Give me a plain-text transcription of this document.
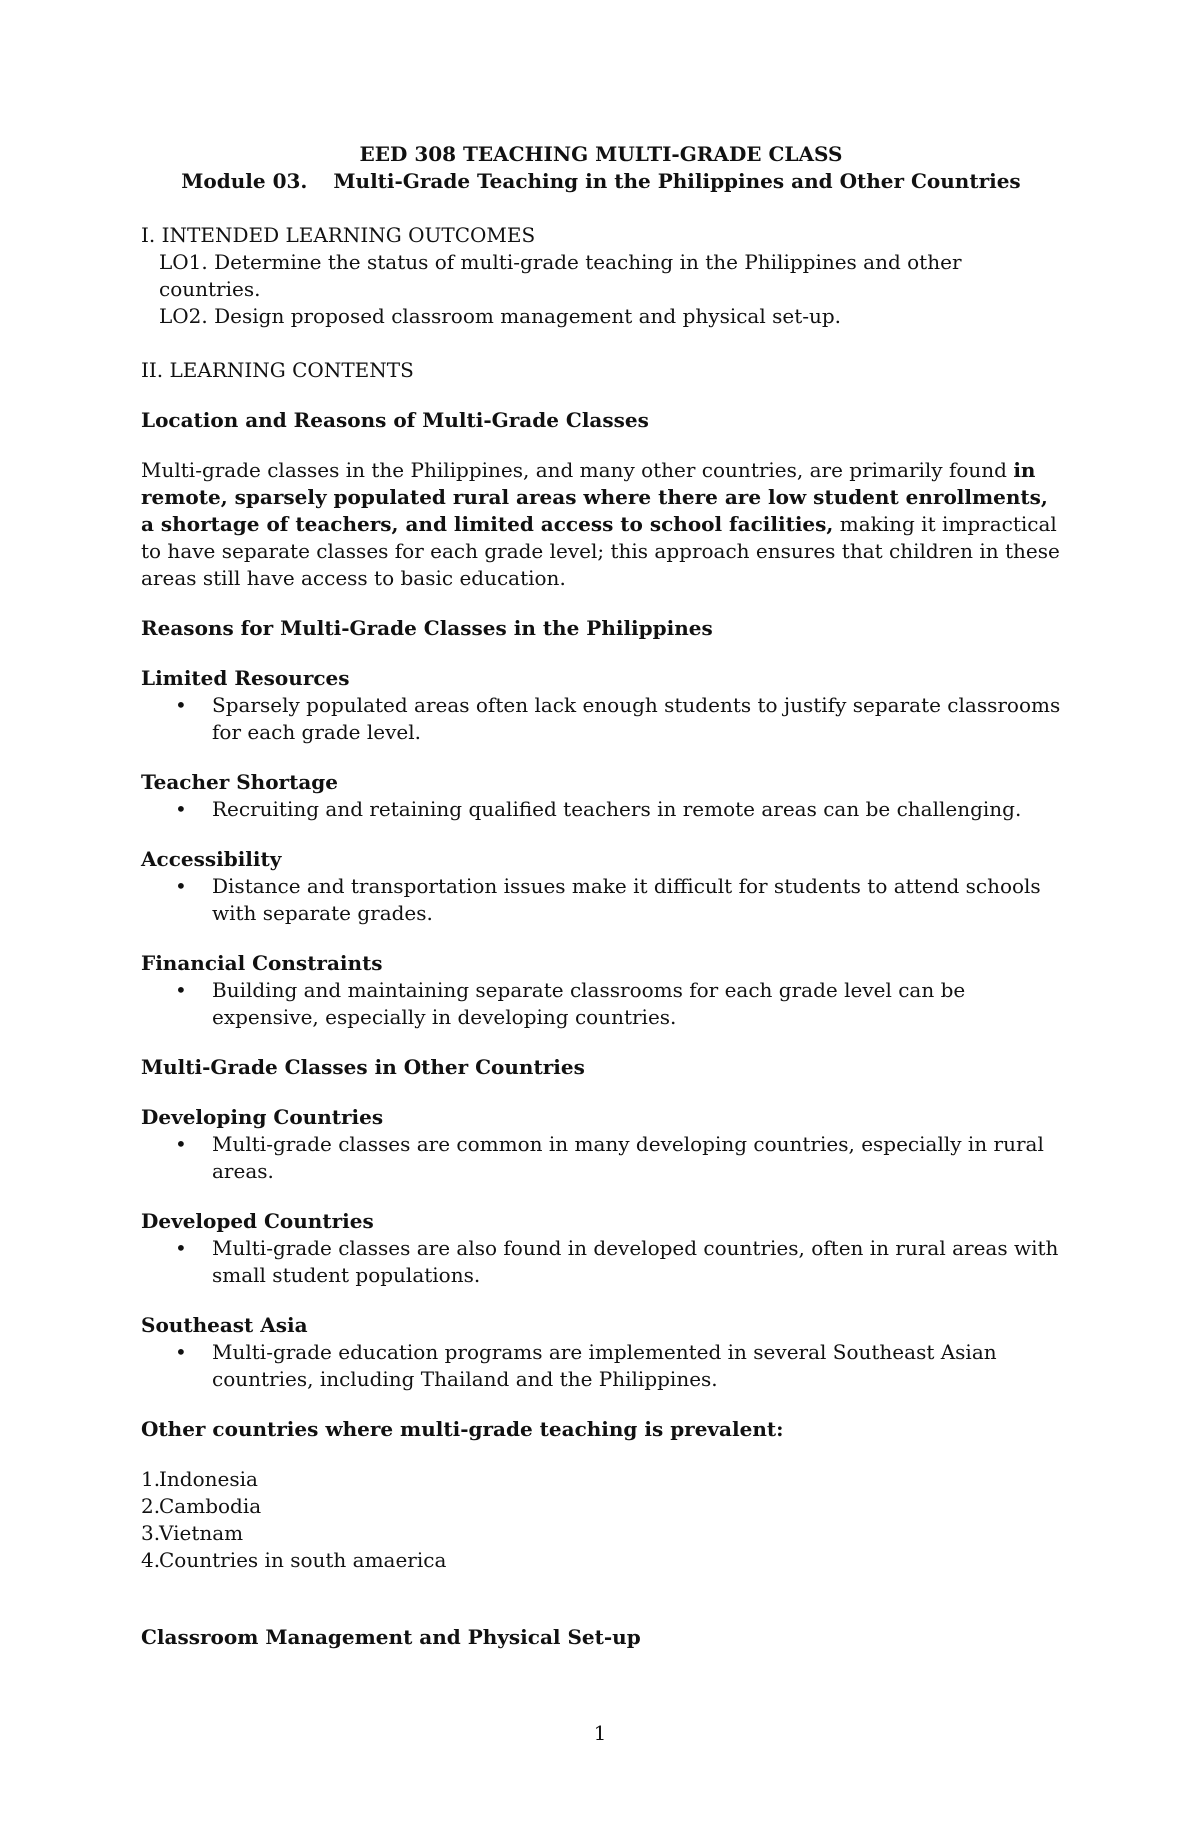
EED 308 TEACHING MULTI-GRADE CLASS

Module 03. Multi-Grade Teaching in the Philippines and Other Countries

I. INTENDED LEARNING OUTCOMES

LO1. Determine the status of multi-grade teaching in the Philippines and other countries.

LO2. Design proposed classroom management and physical set-up.

II. LEARNING CONTENTS

Location and Reasons of Multi-Grade Classes

Multi-grade classes in the Philippines, and many other countries, are primarily found in remote, sparsely populated rural areas where there are low student enrollments, a shortage of teachers, and limited access to school facilities, making it impractical to have separate classes for each grade level; this approach ensures that children in these areas still have access to basic education.

Reasons for Multi-Grade Classes in the Philippines

Limited Resources

• Sparsely populated areas often lack enough students to justify separate classrooms for each grade level.

Teacher Shortage

• Recruiting and retaining qualified teachers in remote areas can be challenging.

Accessibility

• Distance and transportation issues make it difficult for students to attend schools with separate grades.

Financial Constraints

• Building and maintaining separate classrooms for each grade level can be expensive, especially in developing countries.
Multi-Grade Classes in Other Countries

Developing Countries

• Multi-grade classes are common in many developing countries, especially in rural areas.

Developed Countries

• Multi-grade classes are also found in developed countries, often in rural areas with small student populations.

Southeast Asia

• Multi-grade education programs are implemented in several Southeast Asian countries, including Thailand and the Philippines.
Other countries where multi-grade teaching is prevalent:
1.
Indonesia
2.
Cambodia
3.
Vietnam
4.
Countries in south amaerica
Classroom Management and Physical Set-up
1
